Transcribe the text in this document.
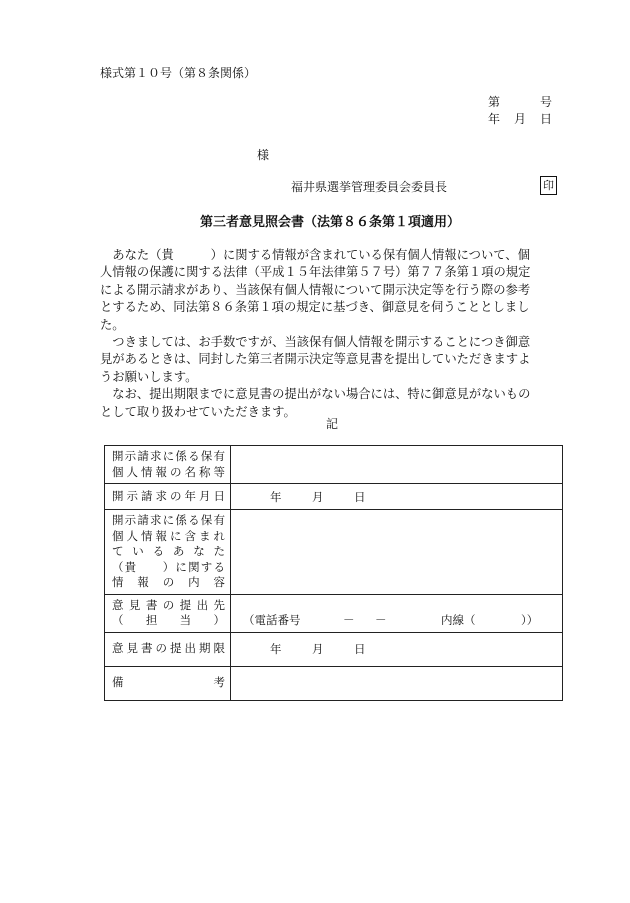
様式第１０号（第８条関係）
第	号
年 月 日
様
福井県選挙管理委員会委員長	印
第三者意見照会書（法第８６条第１項適用）

あなた（貴　　　）に関する情報が含まれている保有個人情報について、個人情報の保護に関する法律（平成１５年法律第５７号）第７７条第１項の規定による開示請求があり、当該保有個人情報について開示決定等を行う際の参考とするため、同法第８６条第１項の規定に基づき、御意見を伺うこととしました。

つきましては、お手数ですが、当該保有個人情報を開示することにつき御意見があるときは、同封した第三者開示決定等意見書を提出していただきますようお願いします。

なお、提出期限までに意見書の提出がない場合には、特に御意見がないものとして取り扱わせていただきます。

記
開示請求に係る保有
個人情報の名称等	

開示請求の年月日	年 月 日

開示請求に係る保有
個人情報に含まれ
ているあなた
（貴　　）に関する
情報の内容	

意見書の提出先
（　担　当　）	（電話番号 － － 内線（ ））

意見書の提出期限	年 月 日

備　　　　　考	
